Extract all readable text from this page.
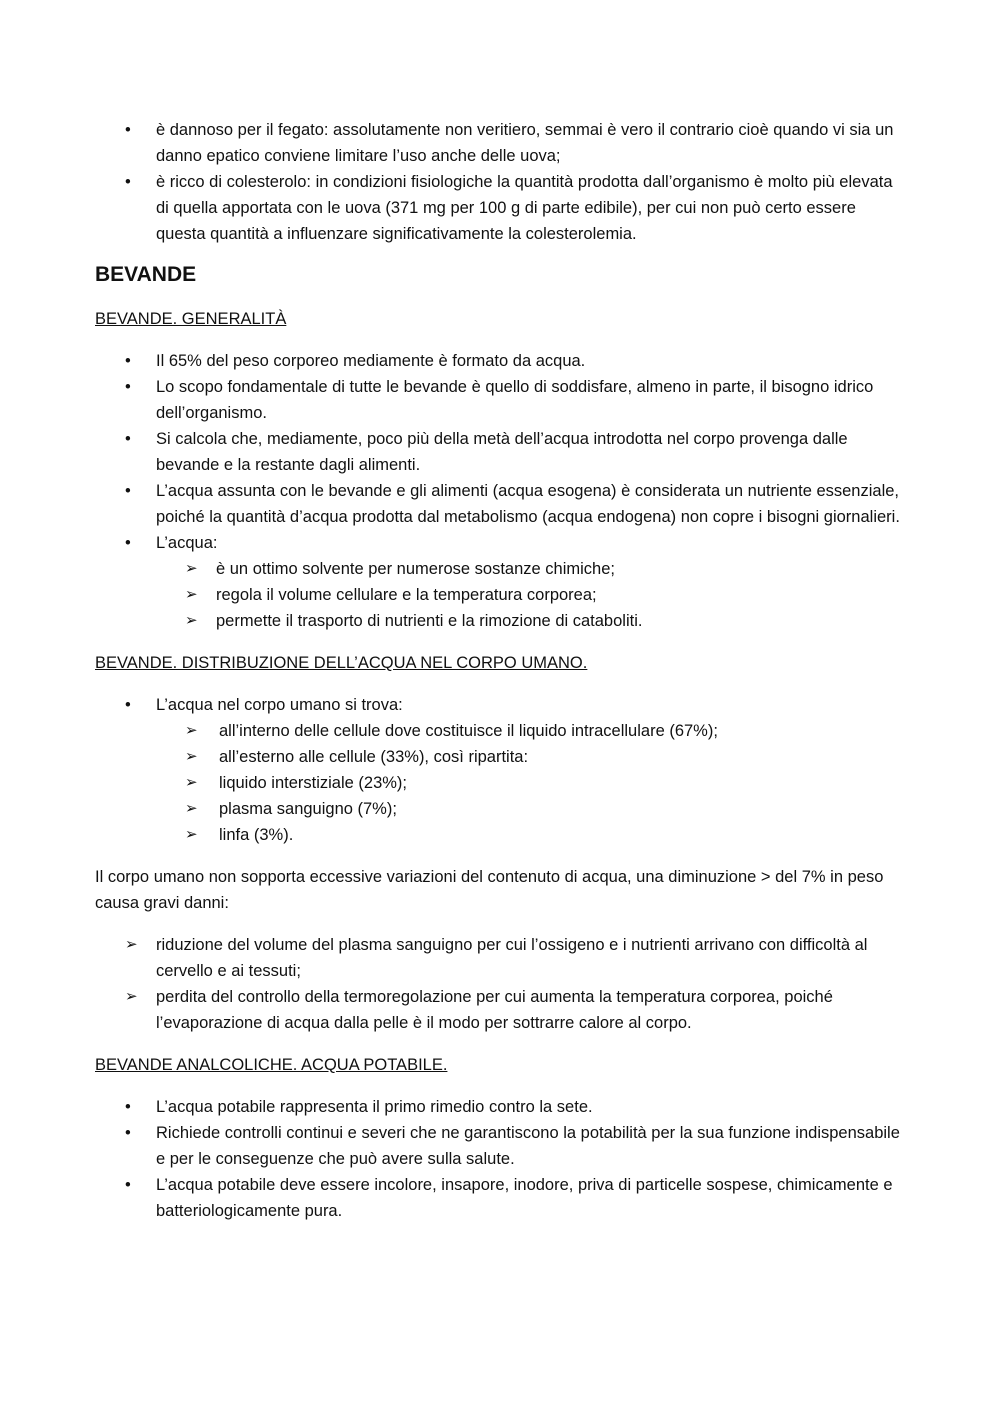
• è dannoso per il fegato: assolutamente non veritiero, semmai è vero il contrario cioè quando vi sia un danno epatico conviene limitare l’uso anche delle uova;
• è ricco di colesterolo: in condizioni fisiologiche la quantità prodotta dall’organismo è molto più elevata di quella apportata con le uova (371 mg per 100 g di parte edibile), per cui non può certo essere questa quantità a influenzare significativamente la colesterolemia.
BEVANDE

BEVANDE. GENERALITÀ

• Il 65% del peso corporeo mediamente è formato da acqua.
• Lo scopo fondamentale di tutte le bevande è quello di soddisfare, almeno in parte, il bisogno idrico dell’organismo.
• Si calcola che, mediamente, poco più della metà dell’acqua introdotta nel corpo provenga dalle bevande e la restante dagli alimenti.
• L’acqua assunta con le bevande e gli alimenti (acqua esogena) è considerata un nutriente essenziale, poiché la quantità d’acqua prodotta dal metabolismo (acqua endogena) non copre i bisogni giornalieri.
• L’acqua:
➢ è un ottimo solvente per numerose sostanze chimiche;
➢ regola il volume cellulare e la temperatura corporea;
➢ permette il trasporto di nutrienti e la rimozione di cataboliti.

BEVANDE. DISTRIBUZIONE DELL’ACQUA NEL CORPO UMANO.

• L’acqua nel corpo umano si trova:
➢ all’interno delle cellule dove costituisce il liquido intracellulare (67%);
➢ all’esterno alle cellule (33%), così ripartita:
➢ liquido interstiziale (23%);
➢ plasma sanguigno (7%);
➢ linfa (3%).

Il corpo umano non sopporta eccessive variazioni del contenuto di acqua, una diminuzione > del 7% in peso causa gravi danni:

➢ riduzione del volume del plasma sanguigno per cui l’ossigeno e i nutrienti arrivano con difficoltà al cervello e ai tessuti;
➢ perdita del controllo della termoregolazione per cui aumenta la temperatura corporea, poiché l’evaporazione di acqua dalla pelle è il modo per sottrarre calore al corpo.

BEVANDE ANALCOLICHE. ACQUA POTABILE.

• L’acqua potabile rappresenta il primo rimedio contro la sete.
• Richiede controlli continui e severi che ne garantiscono la potabilità per la sua funzione indispensabile e per le conseguenze che può avere sulla salute.
• L’acqua potabile deve essere incolore, insapore, inodore, priva di particelle sospese, chimicamente e batteriologicamente pura.
